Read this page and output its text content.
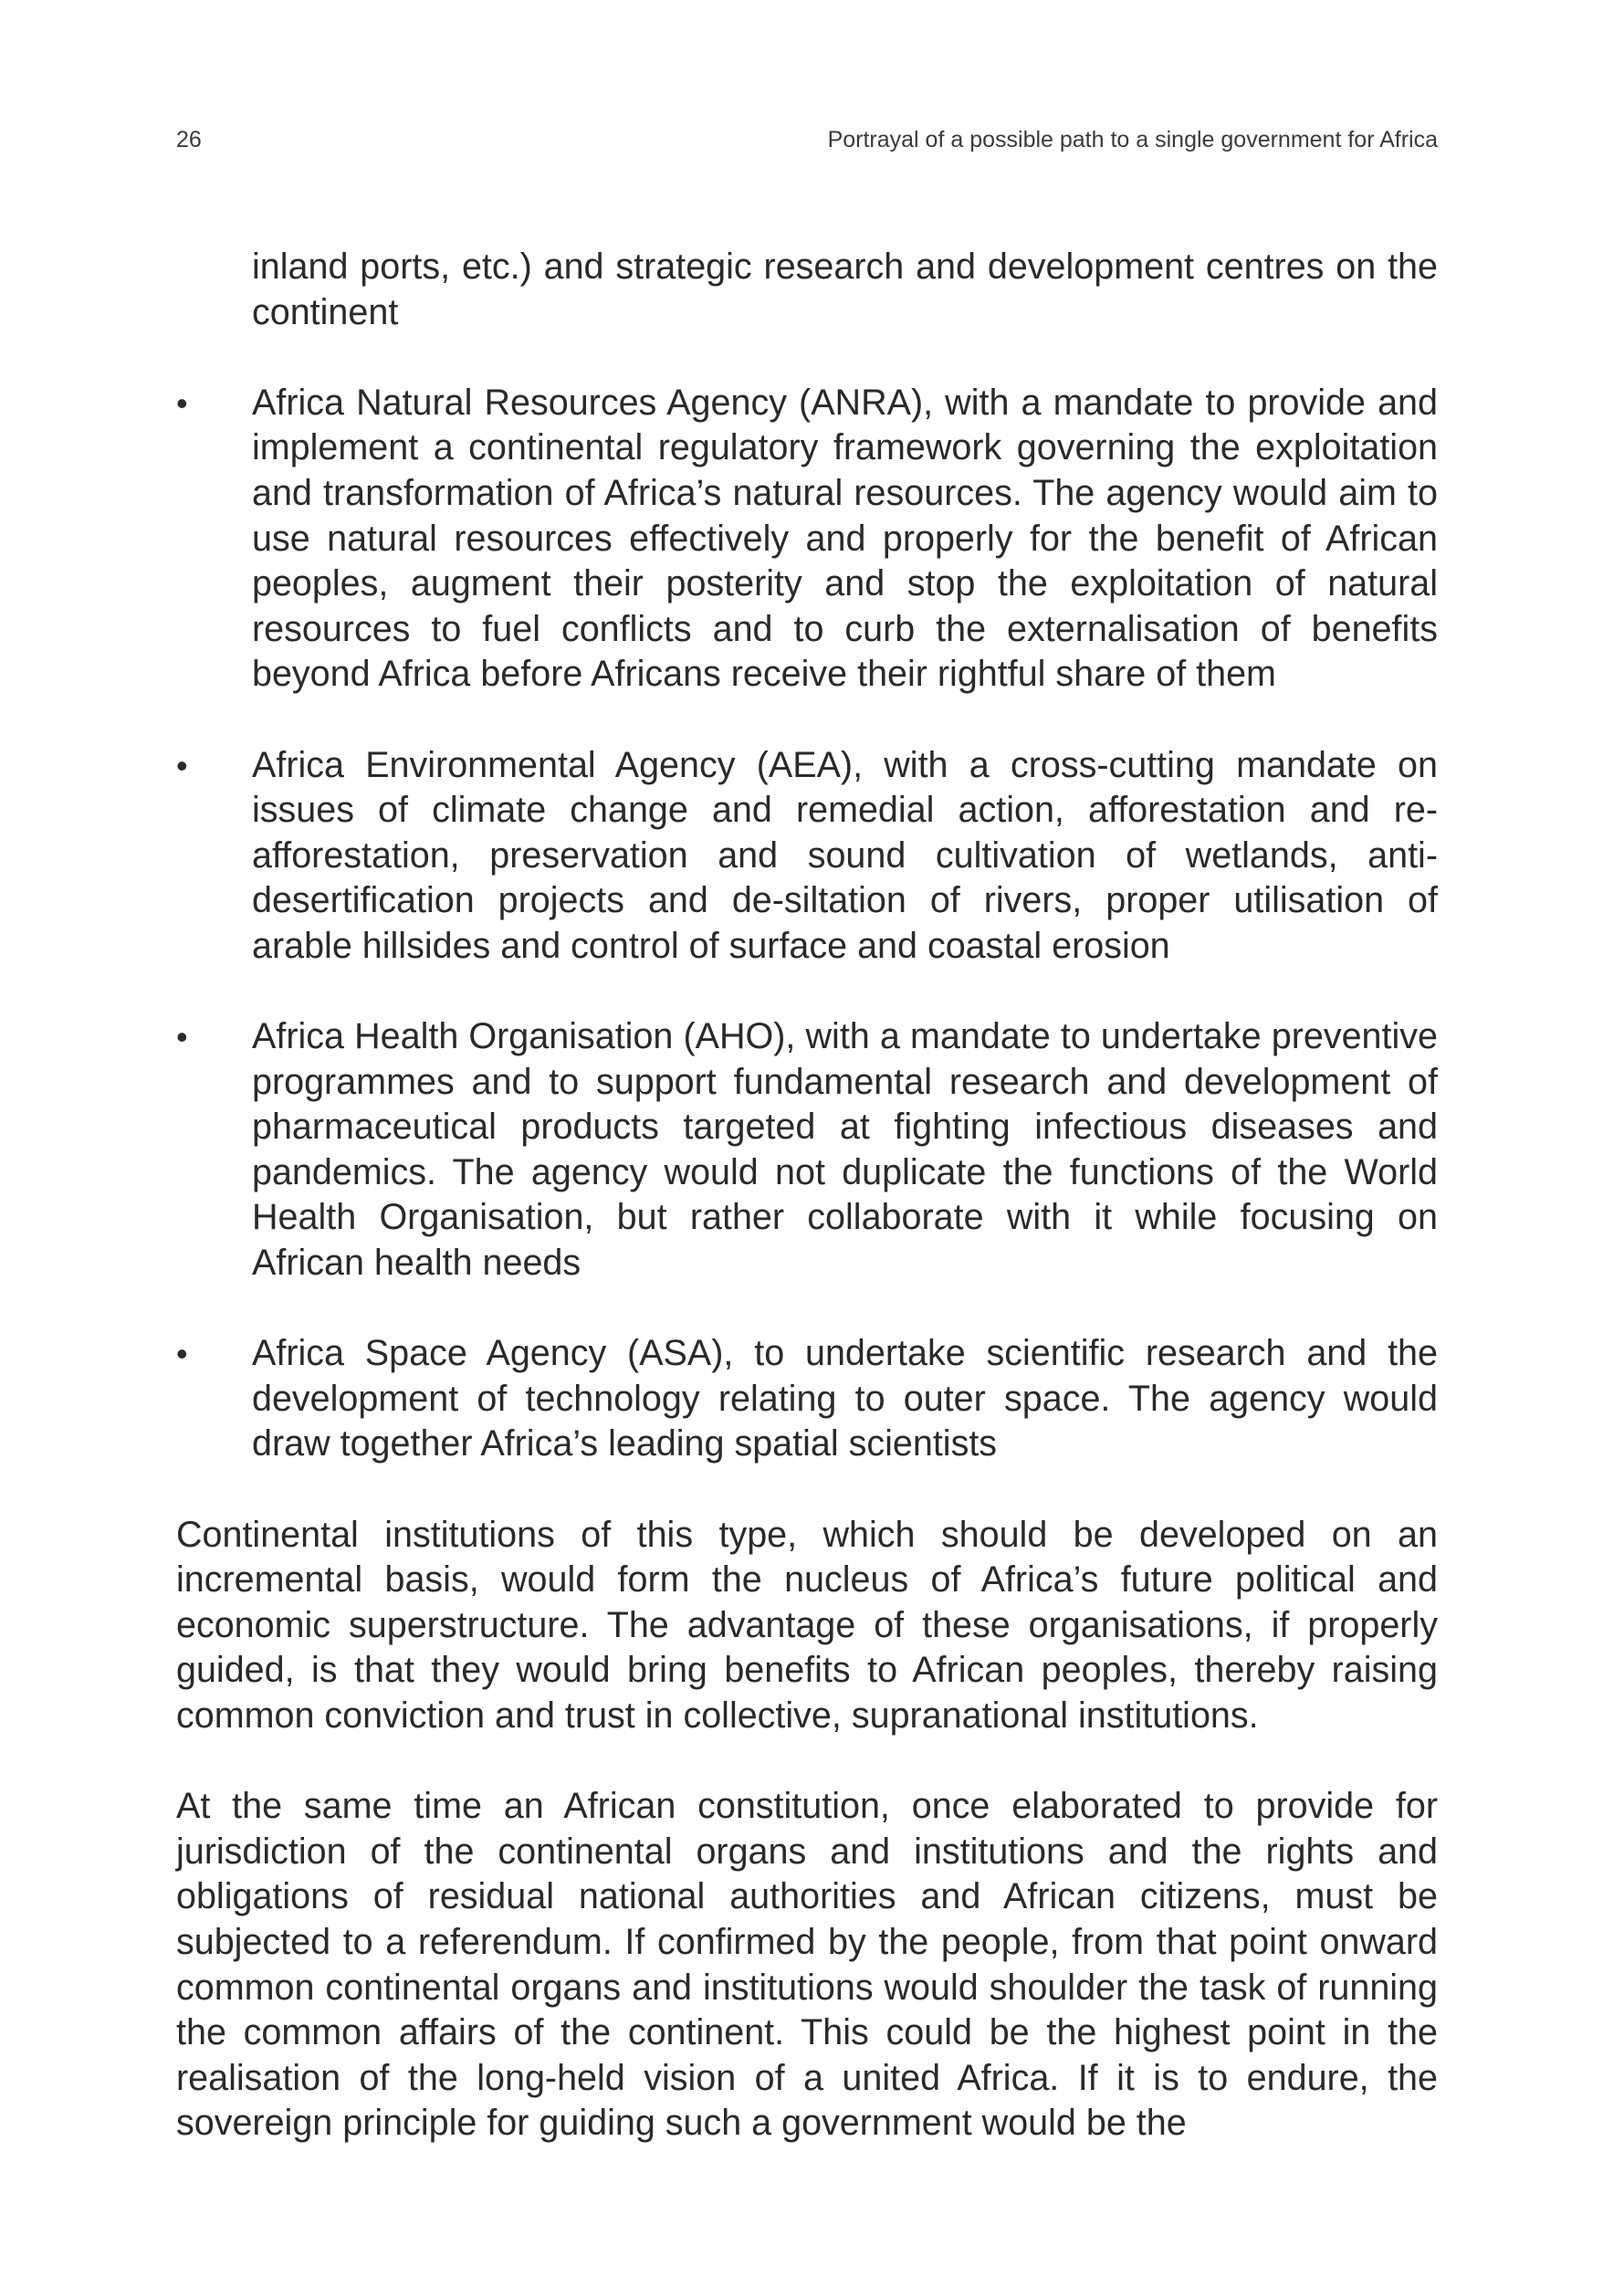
26	Portrayal of a possible path to a single government for Africa

inland ports, etc.) and strategic research and development centres on the continent

• Africa Natural Resources Agency (ANRA), with a mandate to provide and implement a continental regulatory framework governing the exploitation and transformation of Africa’s natural resources. The agency would aim to use natural resources effectively and properly for the benefit of African peoples, augment their posterity and stop the exploitation of natural resources to fuel conflicts and to curb the externalisation of benefits beyond Africa before Africans receive their rightful share of them
• Africa Environmental Agency (AEA), with a cross-cutting mandate on issues of climate change and remedial action, afforestation and re-afforestation, preservation and sound cultivation of wetlands, anti-desertification projects and de-siltation of rivers, proper utilisation of arable hillsides and control of surface and coastal erosion
• Africa Health Organisation (AHO), with a mandate to undertake preventive programmes and to support fundamental research and development of pharmaceutical products targeted at fighting infectious diseases and pandemics. The agency would not duplicate the functions of the World Health Organisation, but rather collaborate with it while focusing on African health needs
• Africa Space Agency (ASA), to undertake scientific research and the development of technology relating to outer space. The agency would draw together Africa’s leading spatial scientists

Continental institutions of this type, which should be developed on an incremental basis, would form the nucleus of Africa’s future political and economic superstructure. The advantage of these organisations, if properly guided, is that they would bring benefits to African peoples, thereby raising common conviction and trust in collective, supranational institutions.

At the same time an African constitution, once elaborated to provide for jurisdiction of the continental organs and institutions and the rights and obligations of residual national authorities and African citizens, must be subjected to a referendum. If confirmed by the people, from that point onward common continental organs and institutions would shoulder the task of running the common affairs of the continent. This could be the highest point in the realisation of the long-held vision of a united Africa. If it is to endure, the sovereign principle for guiding such a government would be the
